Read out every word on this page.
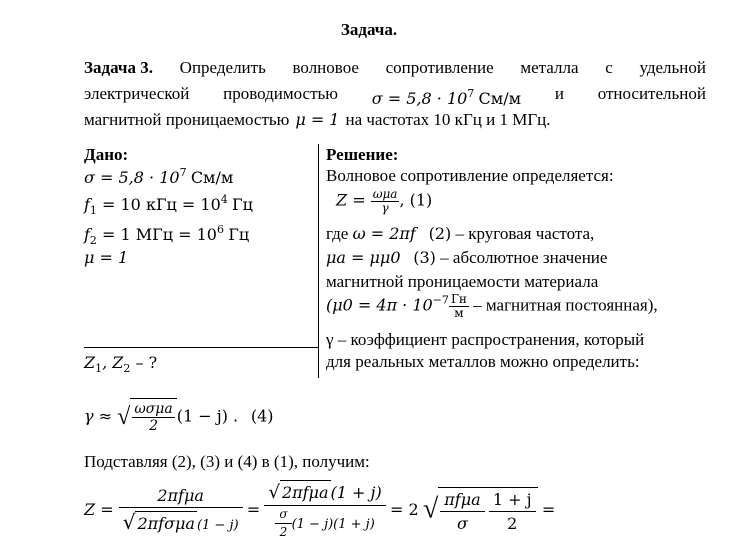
Задача.
Задача 3. Определить волновое сопротивление металла с удельной
электрической проводимостью $\sigma = 5,8 \cdot 10^7$ См/м и относительной
магнитной проницаемостью μ = 1 на частотах 10 кГц и 1 МГц.
Дано:
$\sigma = 5,8 \cdot 10^7$ См/м
$f_1 = 10$ кГц = $10^4$ Гц
$f_2 = 1$ МГц = $10^6$ Гц
μ = 1
$Z_1$, $Z_2$ – ?
Решение:
Волновое сопротивление определяется:
$Z = \frac{\text{ωμa}}{\gamma}$ , (1)
где ω = 2πf (2) – круговая частота,
μa = μμ0 (3) – абсолютное значение
магнитной проницаемости материала
($\mu 0 = 4\pi \cdot 10^{-7} \frac{Гн}{м}$ – магнитная постоянная),
γ – коэффициент распространения, который
для реальных металлов можно определить:
γ ≈ √ $\frac{\text{ωσμa}}{2} (1 - j)$ . (4)
Подставляя (2), (3) и (4) в (1), получим:
$Z = \frac{\text{2πfμa}}{\text{√ 2πfσμa (1 − j)}} = \frac{\text{√ 2πfμa (1 + j)}}{\frac{\sigma}{2} (1 - j)(1 + j)} = 2$ √ $\frac{\text{πfμa}}{\sigma}$
$\frac{1 + j}{2}$ =
